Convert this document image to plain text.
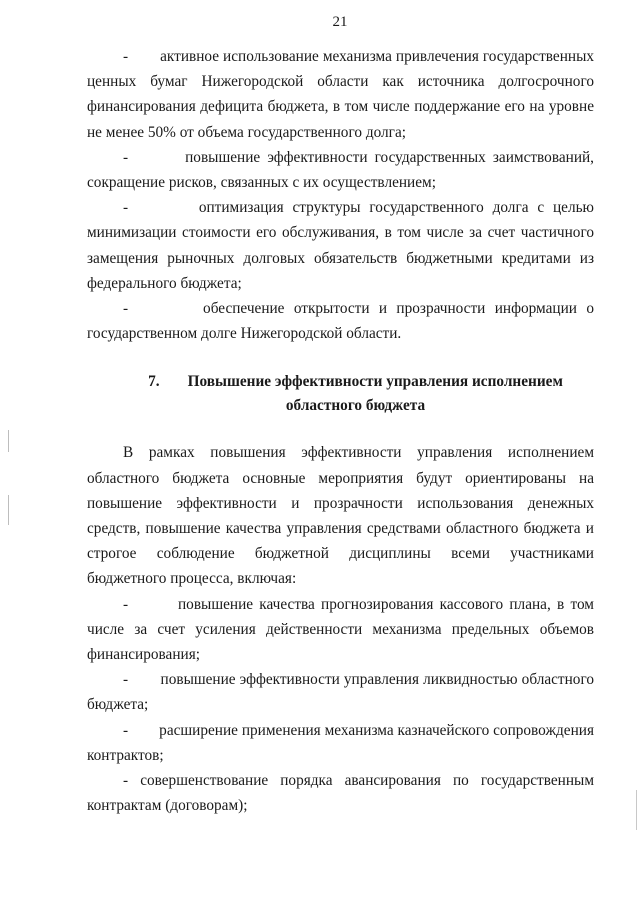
21

- активное использование механизма привлечения государственных ценных бумаг Нижегородской области как источника долгосрочного финансирования дефицита бюджета, в том числе поддержание его на уровне не менее 50% от объема государственного долга;

-	повышение эффективности государственных заимствований, сокращение рисков, связанных с их осуществлением;

-	оптимизация структуры государственного долга с целью минимизации стоимости его обслуживания, в том числе за счет частичного замещения рыночных долговых обязательств бюджетными кредитами из федерального бюджета;

-	обеспечение открытости и прозрачности информации о государственном долге Нижегородской области.

7. Повышение эффективности управления исполнением
областного бюджета

В рамках повышения эффективности управления исполнением областного бюджета основные мероприятия будут ориентированы на повышение эффективности и прозрачности использования денежных средств, повышение качества управления средствами областного бюджета и строгое соблюдение бюджетной дисциплины всеми участниками бюджетного процесса, включая:

-	повышение качества прогнозирования кассового плана, в том числе за счет усиления действенности механизма предельных объемов финансирования;

- повышение эффективности управления ликвидностью областного бюджета;

- расширение применения механизма казначейского сопровождения контрактов;

- совершенствование порядка авансирования по государственным контрактам (договорам);
